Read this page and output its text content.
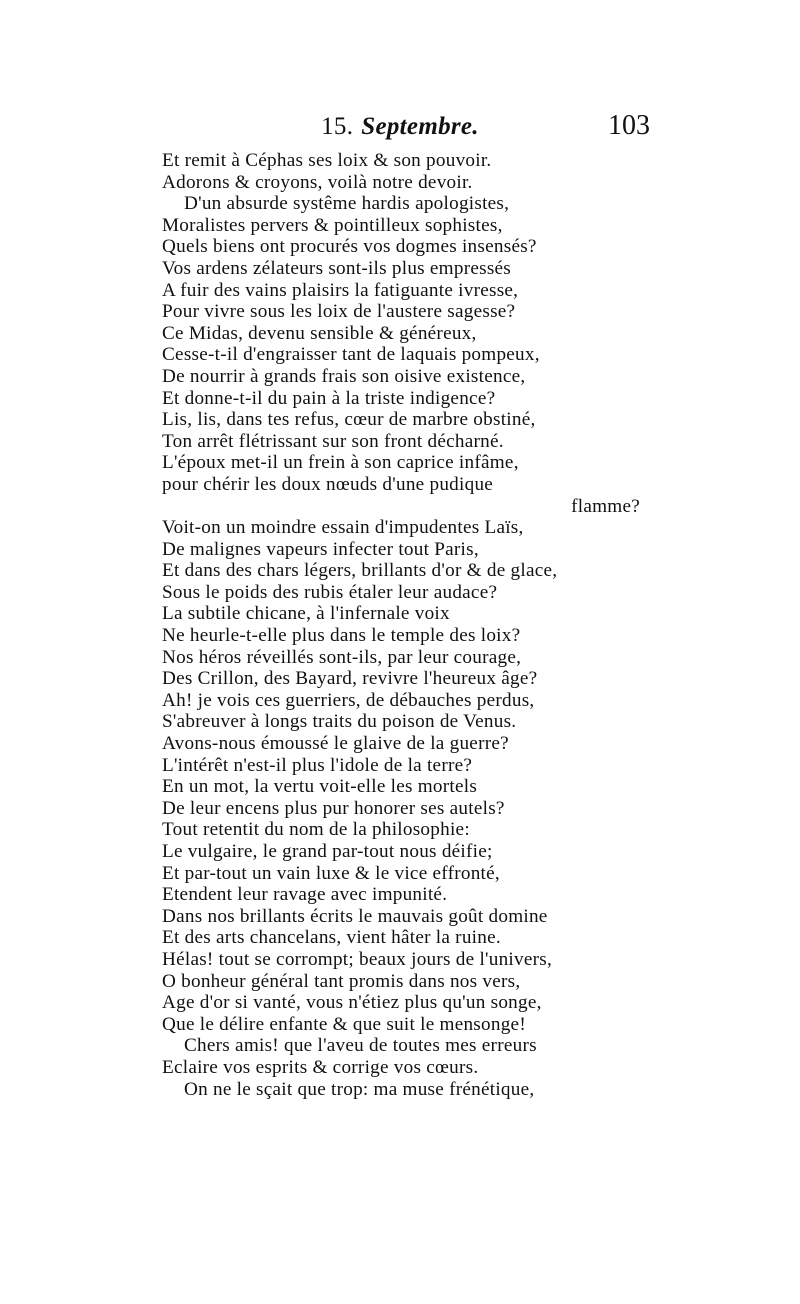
15. Septembre.	103
Et remit à Céphas ses loix & son pouvoir.
Adorons & croyons, voilà notre devoir.
D'un absurde systême hardis apologistes,
Moralistes pervers & pointilleux sophistes,
Quels biens ont procurés vos dogmes insensés?
Vos ardens zélateurs sont-ils plus empressés
A fuir des vains plaisirs la fatiguante ivresse,
Pour vivre sous les loix de l'austere sagesse?
Ce Midas, devenu sensible & généreux,
Cesse-t-il d'engraisser tant de laquais pompeux,
De nourrir à grands frais son oisive existence,
Et donne-t-il du pain à la triste indigence?
Lis, lis, dans tes refus, cœur de marbre obstiné,
Ton arrêt flétrissant sur son front décharné.
L'époux met-il un frein à son caprice infâme,
pour chérir les doux nœuds d'une pudique
flamme?
Voit-on un moindre essain d'impudentes Laïs,
De malignes vapeurs infecter tout Paris,
Et dans des chars légers, brillants d'or & de glace,
Sous le poids des rubis étaler leur audace?
La subtile chicane, à l'infernale voix
Ne heurle-t-elle plus dans le temple des loix?
Nos héros réveillés sont-ils, par leur courage,
Des Crillon, des Bayard, revivre l'heureux âge?
Ah! je vois ces guerriers, de débauches perdus,
S'abreuver à longs traits du poison de Venus.
Avons-nous émoussé le glaive de la guerre?
L'intérêt n'est-il plus l'idole de la terre?
En un mot, la vertu voit-elle les mortels
De leur encens plus pur honorer ses autels?
Tout retentit du nom de la philosophie:
Le vulgaire, le grand par-tout nous déifie;
Et par-tout un vain luxe & le vice effronté,
Etendent leur ravage avec impunité.
Dans nos brillants écrits le mauvais goût domine
Et des arts chancelans, vient hâter la ruine.
Hélas! tout se corrompt; beaux jours de l'univers,
O bonheur général tant promis dans nos vers,
Age d'or si vanté, vous n'étiez plus qu'un songe,
Que le délire enfante & que suit le mensonge!
Chers amis! que l'aveu de toutes mes erreurs
Eclaire vos esprits & corrige vos cœurs.
On ne le sçait que trop: ma muse frénétique,
